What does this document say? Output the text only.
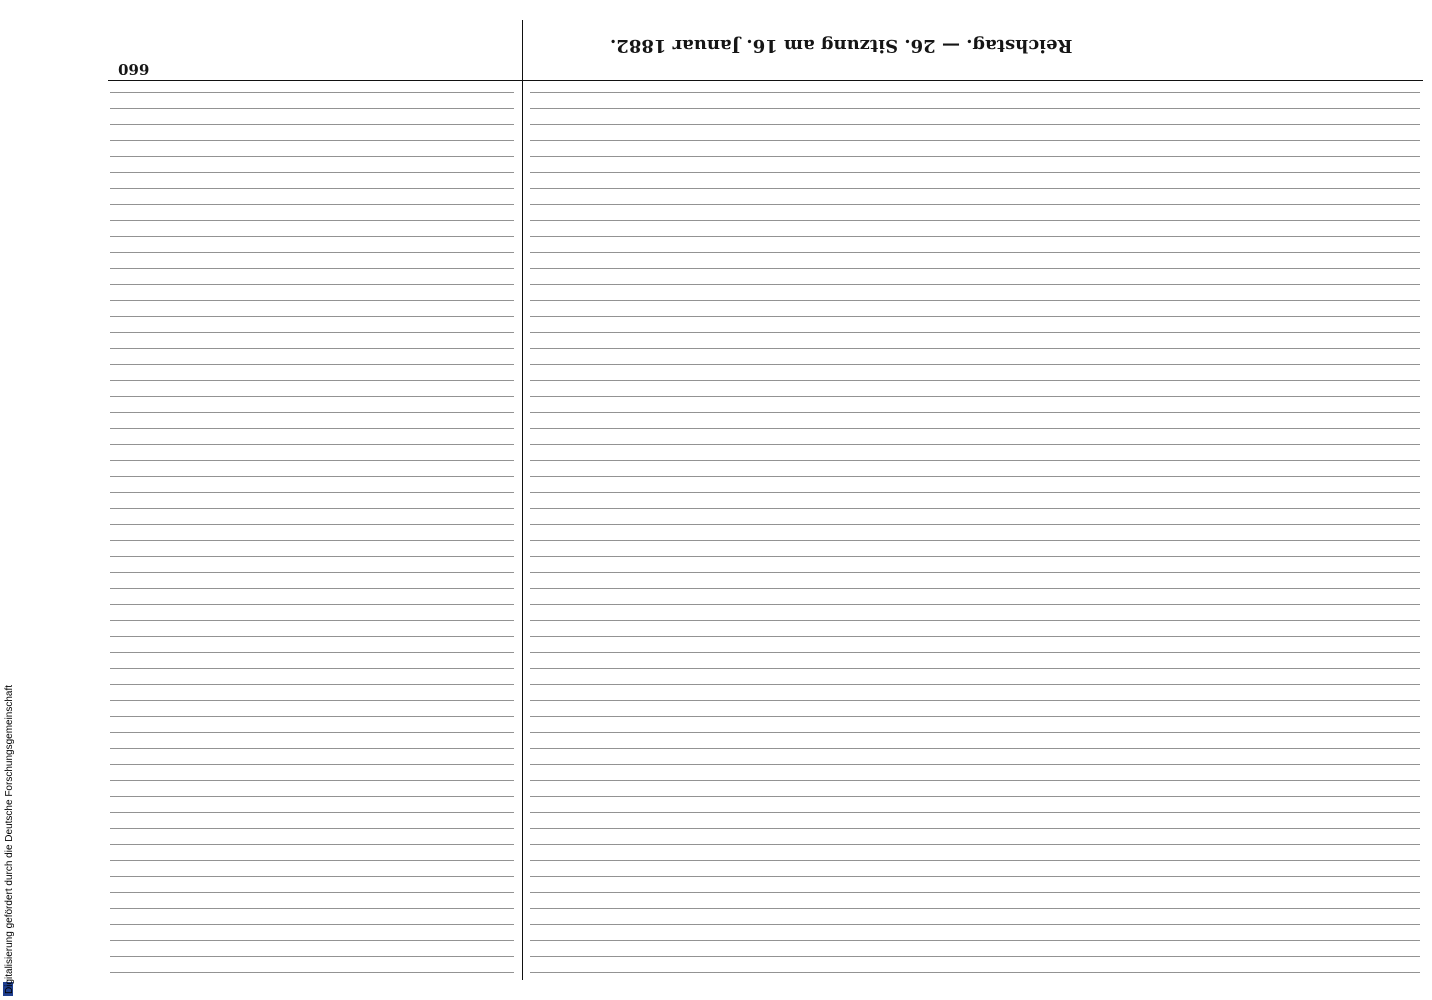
660
Reichstag. — 26. Sitzung am 16. Januar 1882.
Digitalisierung gefördert durch die Deutsche Forschungsgemeinschaft
